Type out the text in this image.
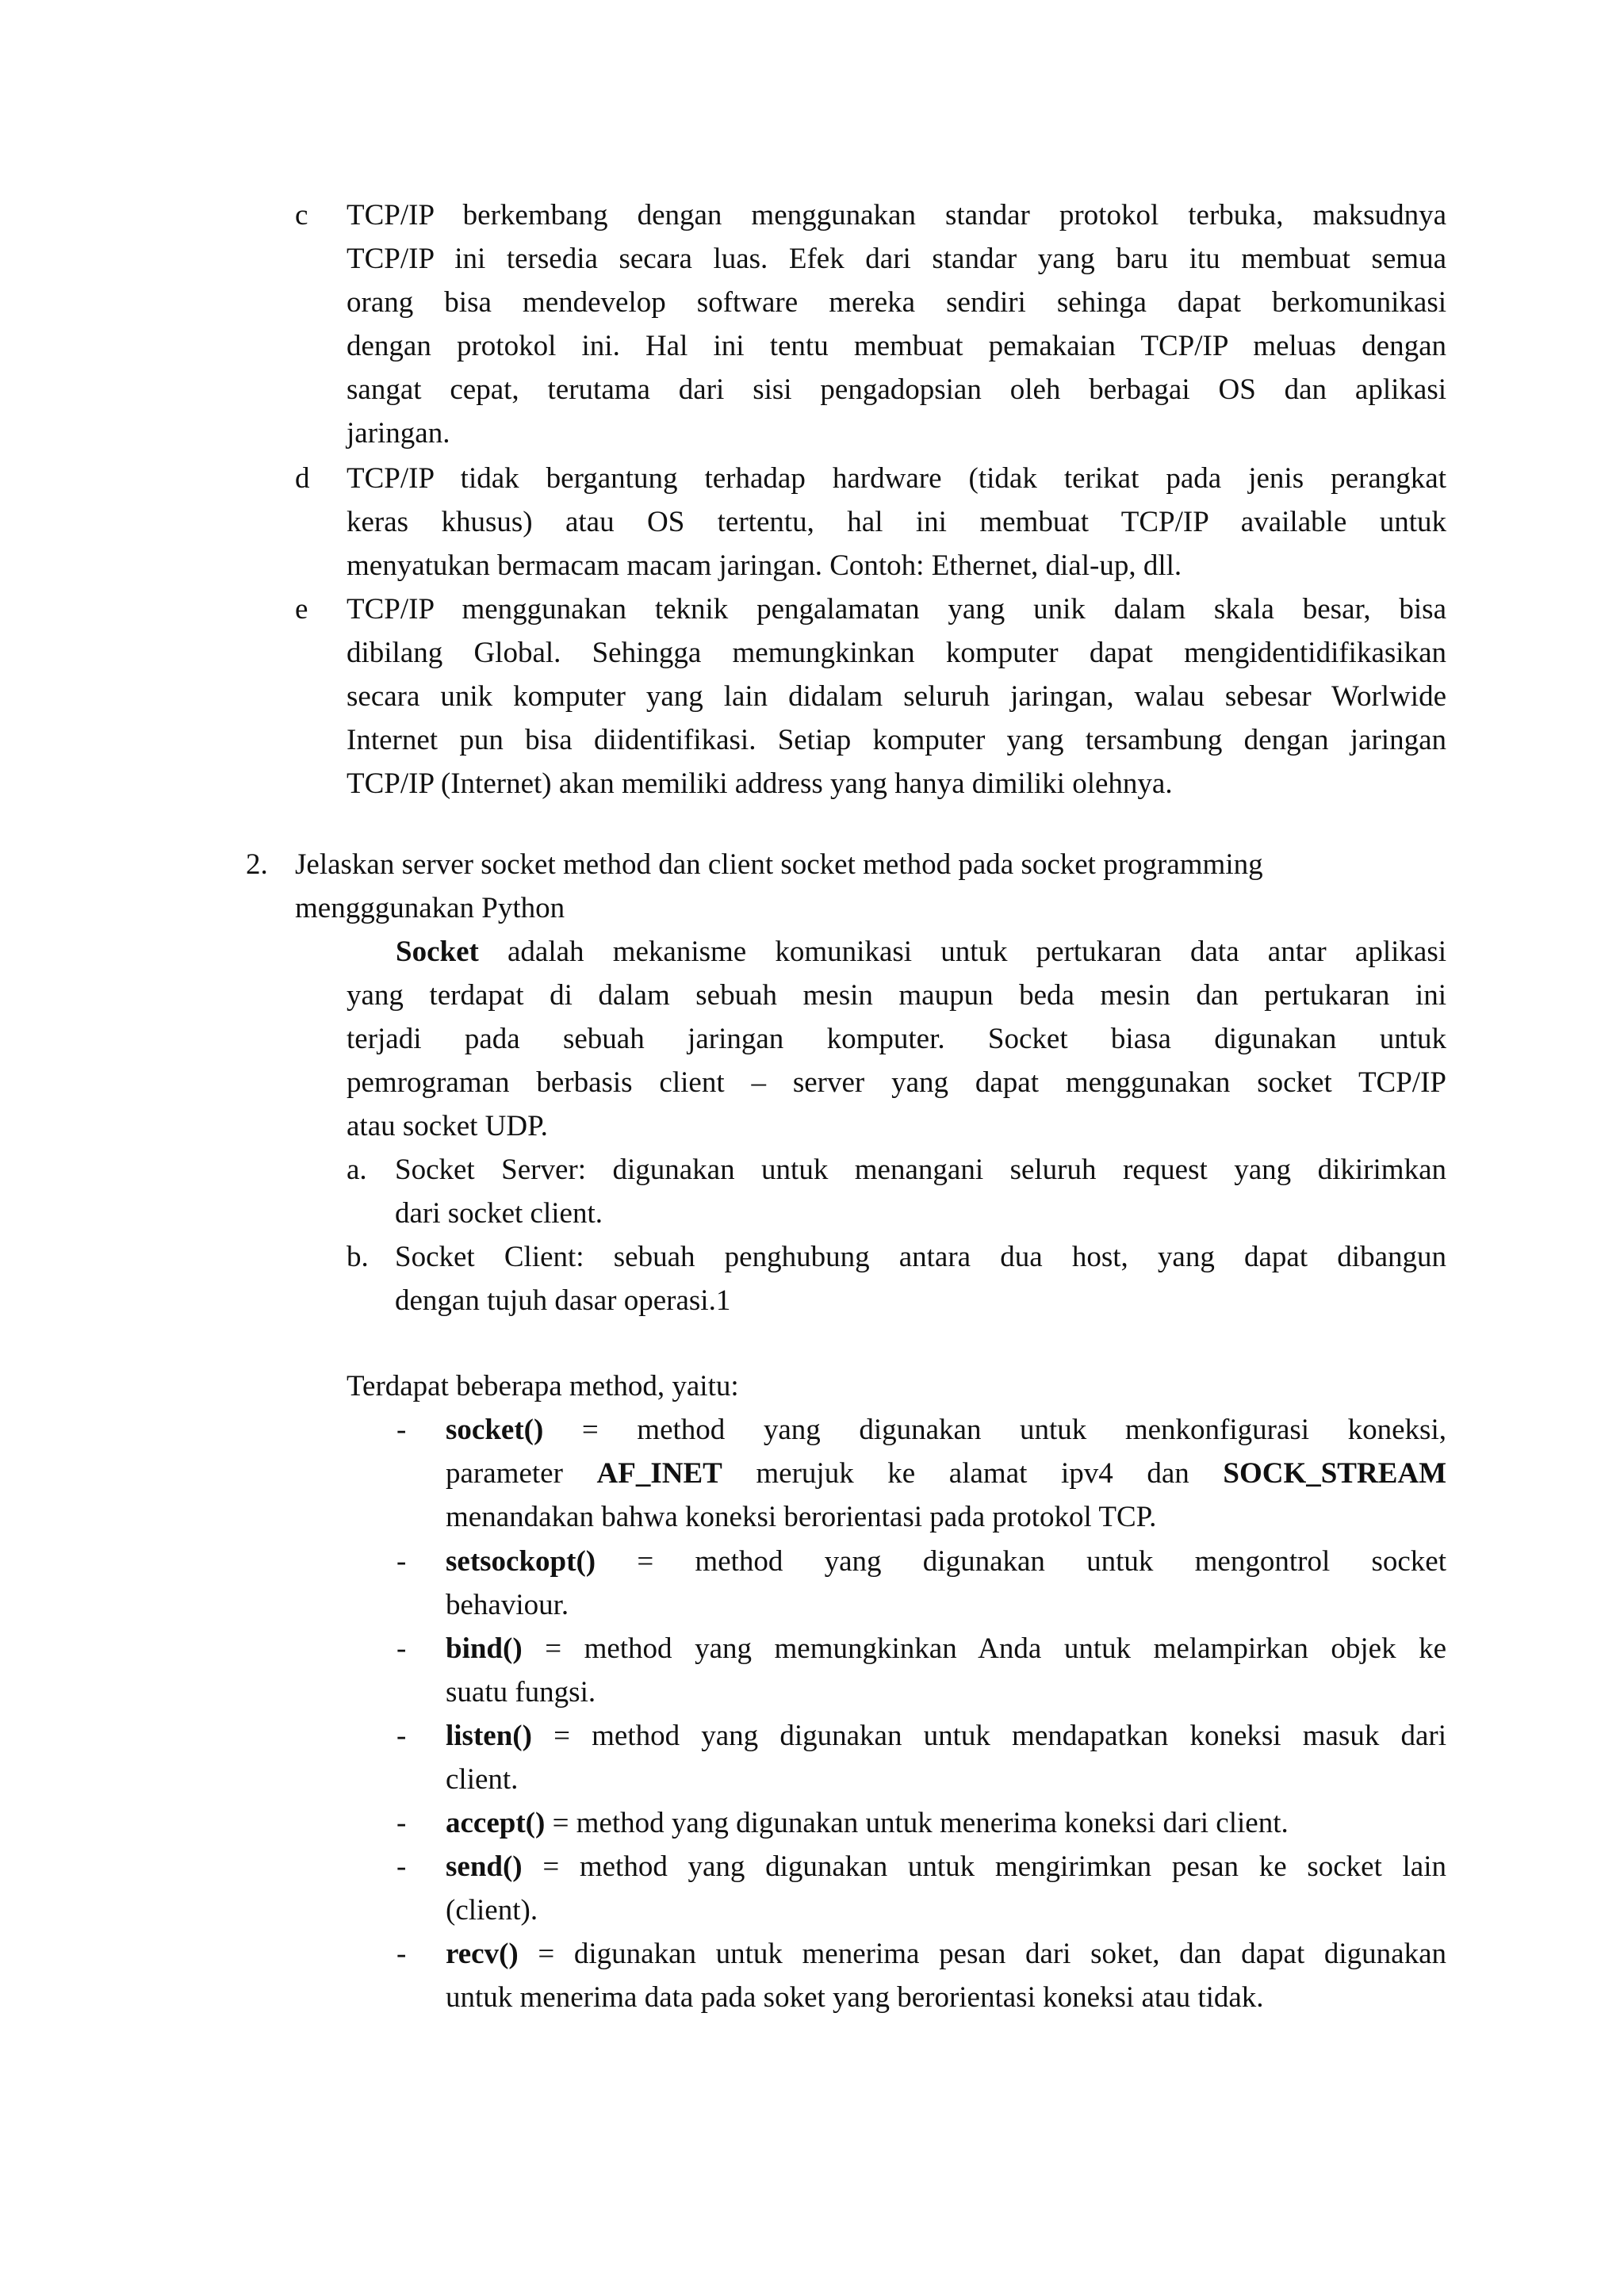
c TCP/IP berkembang dengan menggunakan standar protokol terbuka, maksudnya
TCP/IP ini tersedia secara luas. Efek dari standar yang baru itu membuat semua
orang bisa mendevelop software mereka sendiri sehinga dapat berkomunikasi
dengan protokol ini. Hal ini tentu membuat pemakaian TCP/IP meluas dengan
sangat cepat, terutama dari sisi pengadopsian oleh berbagai OS dan aplikasi
jaringan.
d TCP/IP tidak bergantung terhadap hardware (tidak terikat pada jenis perangkat
keras khusus) atau OS tertentu, hal ini membuat TCP/IP available untuk
menyatukan bermacam macam jaringan. Contoh: Ethernet, dial-up, dll.
e TCP/IP menggunakan teknik pengalamatan yang unik dalam skala besar, bisa
dibilang Global. Sehingga memungkinkan komputer dapat mengidentidifikasikan
secara unik komputer yang lain didalam seluruh jaringan, walau sebesar Worlwide
Internet pun bisa diidentifikasi. Setiap komputer yang tersambung dengan jaringan
TCP/IP (Internet) akan memiliki address yang hanya dimiliki olehnya.
2. Jelaskan server socket method dan client socket method pada socket programming
mengggunakan Python
Socket adalah mekanisme komunikasi untuk pertukaran data antar aplikasi
yang terdapat di dalam sebuah mesin maupun beda mesin dan pertukaran ini
terjadi pada sebuah jaringan komputer. Socket biasa digunakan untuk
pemrograman berbasis client – server yang dapat menggunakan socket TCP/IP
atau socket UDP.
a. Socket Server: digunakan untuk menangani seluruh request yang dikirimkan
dari socket client.
b. Socket Client: sebuah penghubung antara dua host, yang dapat dibangun
dengan tujuh dasar operasi.1
Terdapat beberapa method, yaitu:
- socket() = method yang digunakan untuk menkonfigurasi koneksi,
parameter AF_INET merujuk ke alamat ipv4 dan SOCK_STREAM
menandakan bahwa koneksi berorientasi pada protokol TCP.
- setsockopt() = method yang digunakan untuk mengontrol socket
behaviour.
- bind() = method yang memungkinkan Anda untuk melampirkan objek ke
suatu fungsi.
- listen() = method yang digunakan untuk mendapatkan koneksi masuk dari
client.
- accept() = method yang digunakan untuk menerima koneksi dari client.
- send() = method yang digunakan untuk mengirimkan pesan ke socket lain
(client).
- recv() = digunakan untuk menerima pesan dari soket, dan dapat digunakan
untuk menerima data pada soket yang berorientasi koneksi atau tidak.
